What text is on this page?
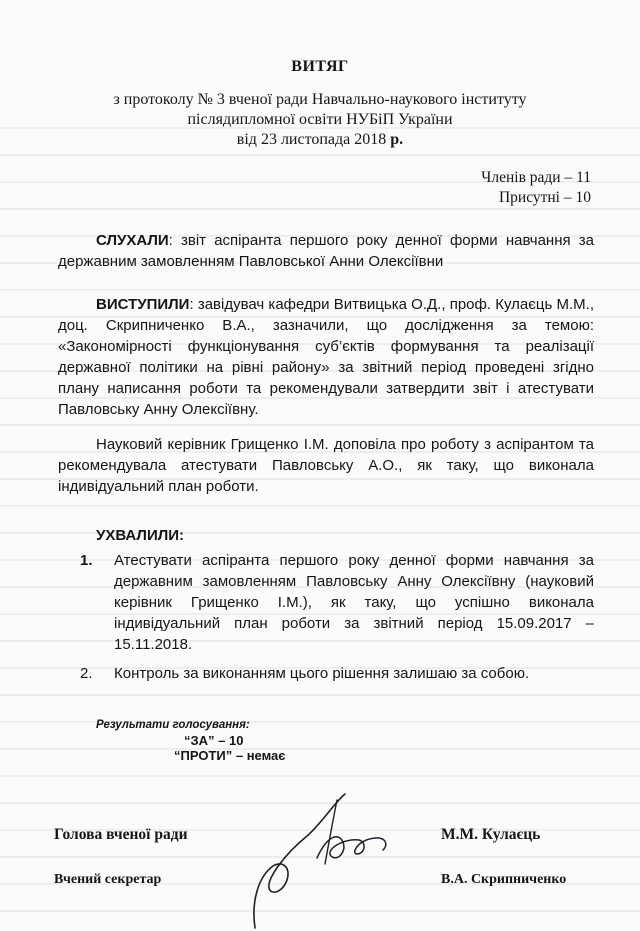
ВИТЯГ
з протоколу № 3 вченої ради Навчально-наукового інституту
післядипломної освіти НУБіП України
від 23 листопада 2018 р.
Членів ради – 11
Присутні – 10
СЛУХАЛИ: звіт аспіранта першого року денної форми навчання за державним замовленням Павловської Анни Олексіївни
ВИСТУПИЛИ: завідувач кафедри Витвицька О.Д., проф. Кулаєць М.М., доц. Скрипниченко В.А., зазначили, що дослідження за темою: «Закономірності функціонування суб’єктів формування та реалізації державної політики на рівні району» за звітний період проведені згідно плану написання роботи та рекомендували затвердити звіт і атестувати Павловську Анну Олексіївну.
Науковий керівник Грищенко І.М. доповіла про роботу з аспірантом та рекомендувала атестувати Павловську А.О., як таку, що виконала індивідуальний план роботи.
УХВАЛИЛИ:
1.	Атестувати аспіранта першого року денної форми навчання за державним замовленням Павловську Анну Олексіївну (науковий керівник Грищенко І.М.), як таку, що успішно виконала індивідуальний план роботи за звітний період 15.09.2017 – 15.11.2018.
2.	Контроль за виконанням цього рішення залишаю за собою.
Результати голосування:
“ЗА” – 10
“ПРОТИ” – немає
Голова вченої ради	М.М. Кулаєць
Вчений секретар	В.А. Скрипниченко
